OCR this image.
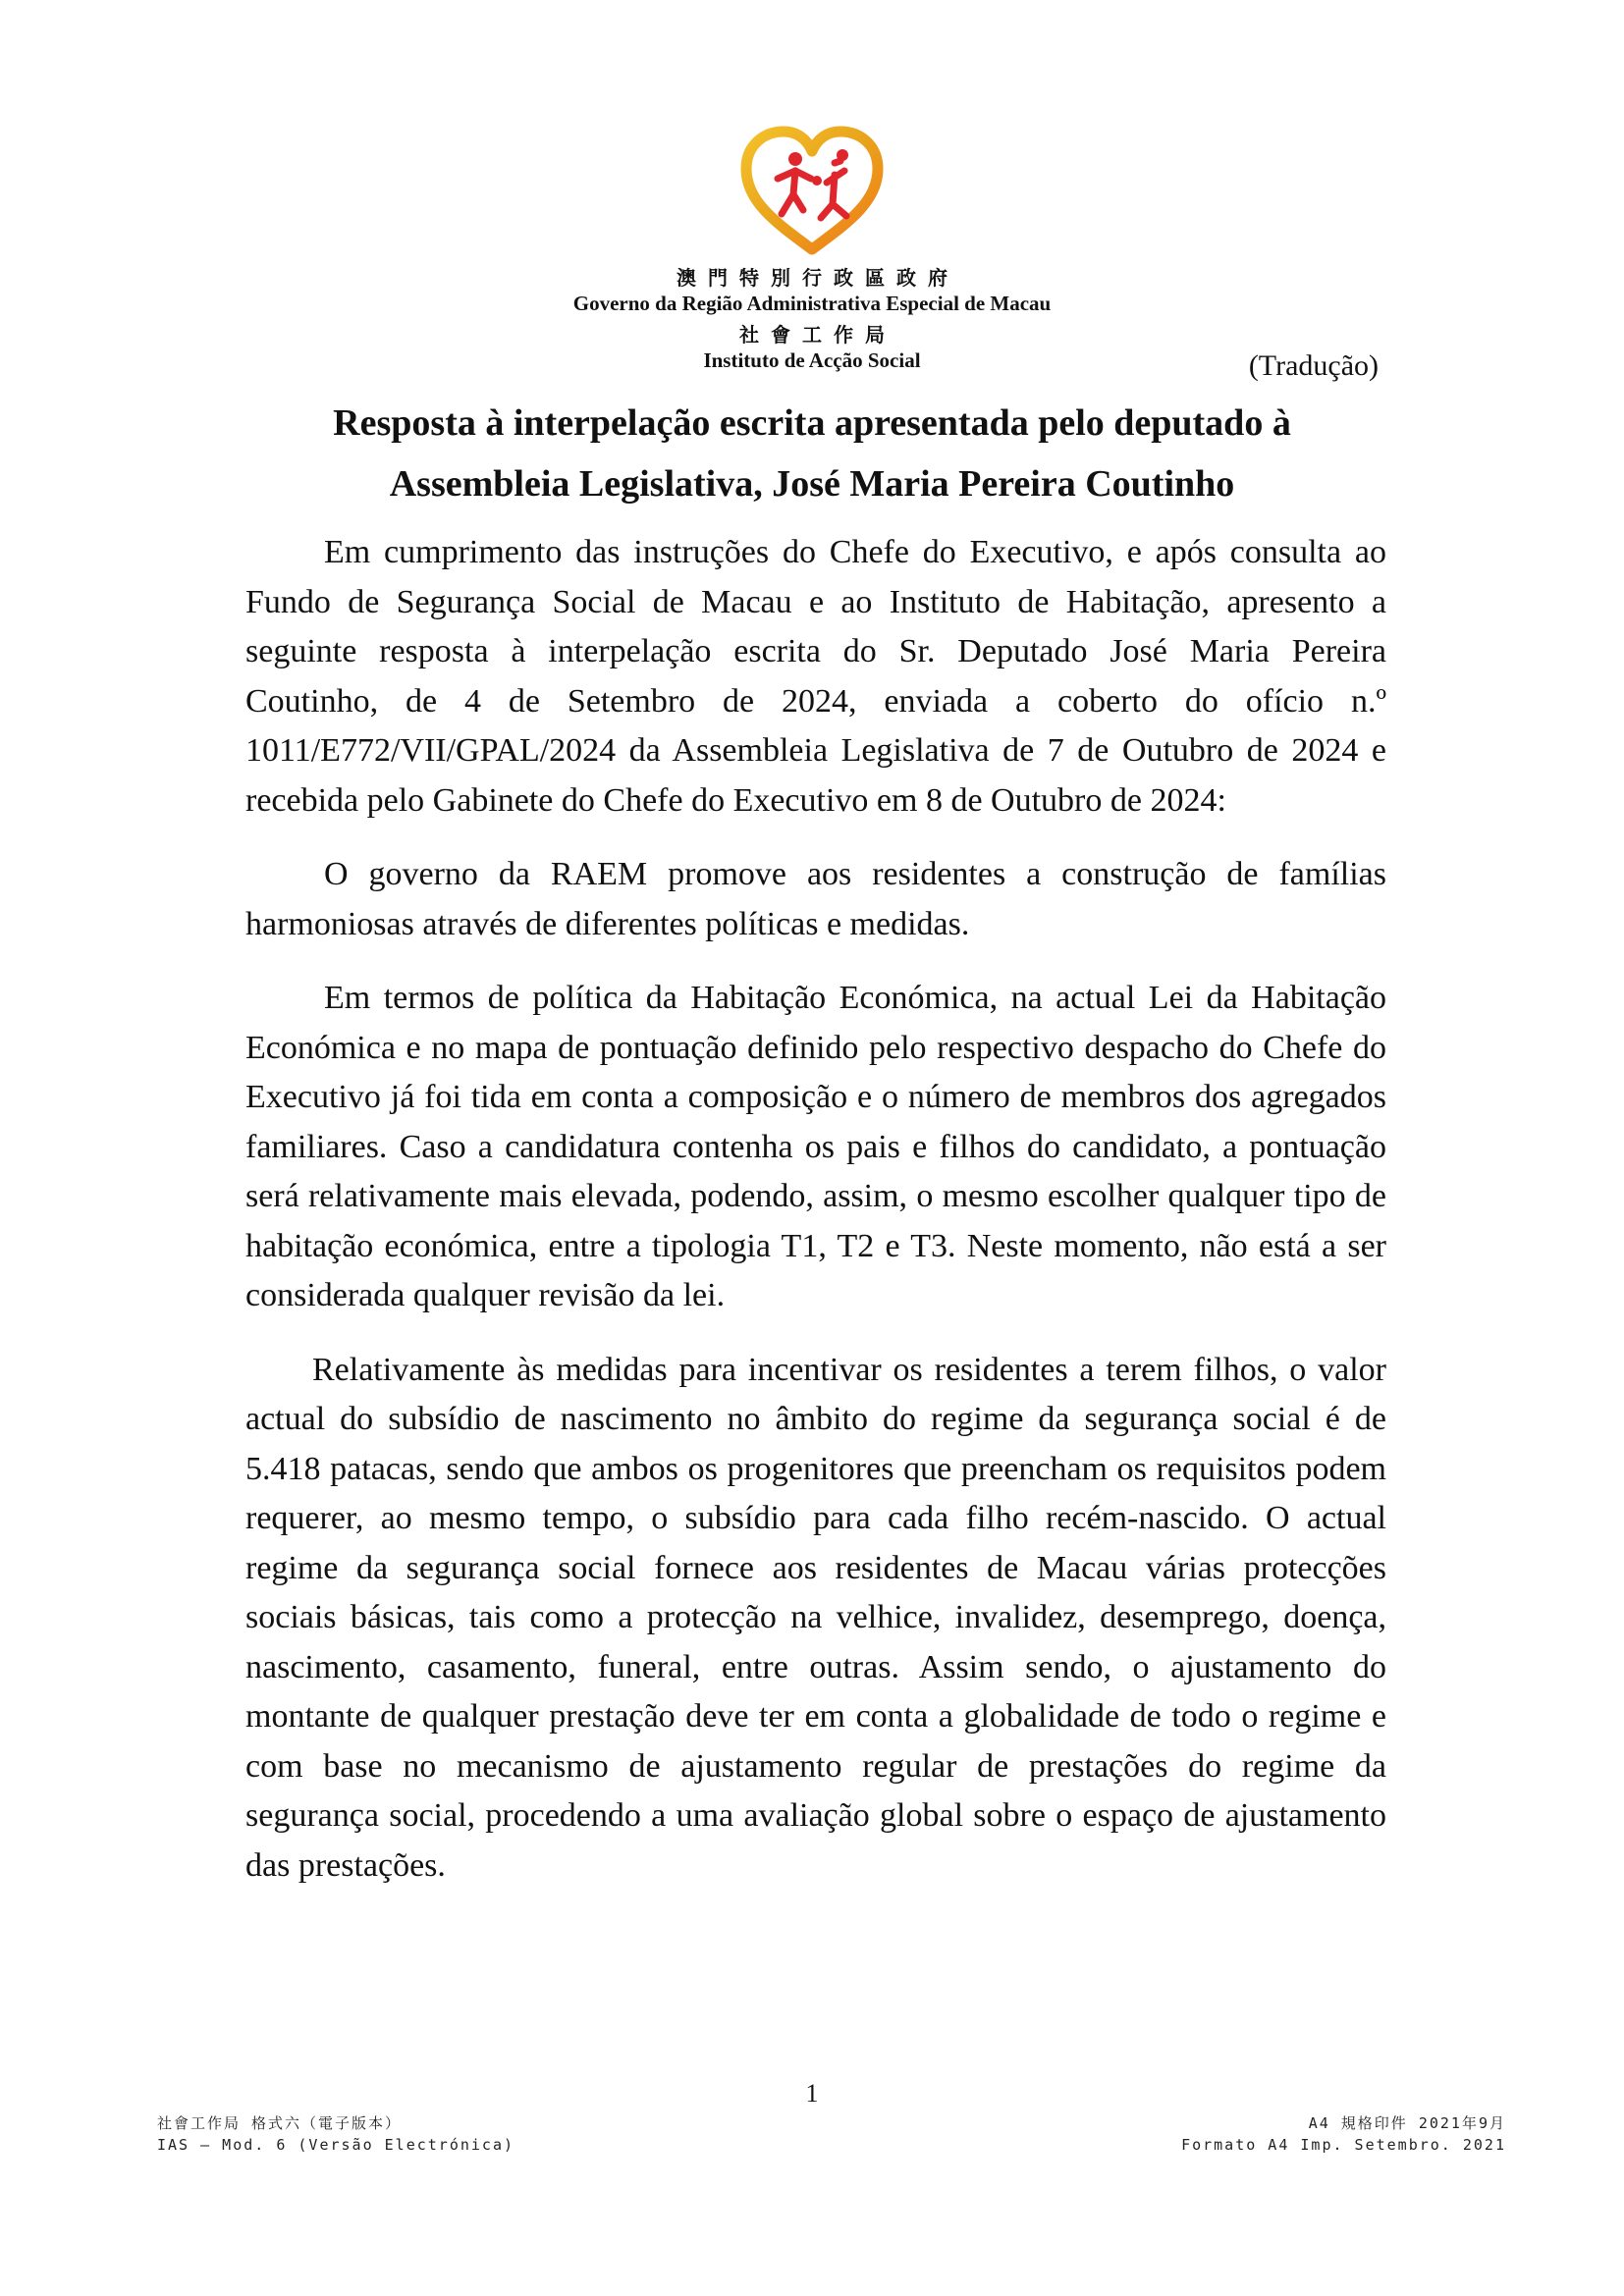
澳門特別行政區政府
Governo da Região Administrativa Especial de Macau
社會工作局
Instituto de Acção Social	(Tradução)
Resposta à interpelação escrita apresentada pelo deputado à
Assembleia Legislativa, José Maria Pereira Coutinho

Em cumprimento das instruções do Chefe do Executivo, e após consulta ao Fundo de Segurança Social de Macau e ao Instituto de Habitação, apresento a seguinte resposta à interpelação escrita do Sr. Deputado José Maria Pereira Coutinho, de 4 de Setembro de 2024, enviada a coberto do ofício n.º 1011/E772/VII/GPAL/2024 da Assembleia Legislativa de 7 de Outubro de 2024 e recebida pelo Gabinete do Chefe do Executivo em 8 de Outubro de 2024:

O governo da RAEM promove aos residentes a construção de famílias harmoniosas através de diferentes políticas e medidas.

Em termos de política da Habitação Económica, na actual Lei da Habitação Económica e no mapa de pontuação definido pelo respectivo despacho do Chefe do Executivo já foi tida em conta a composição e o número de membros dos agregados familiares. Caso a candidatura contenha os pais e filhos do candidato, a pontuação será relativamente mais elevada, podendo, assim, o mesmo escolher qualquer tipo de habitação económica, entre a tipologia T1, T2 e T3. Neste momento, não está a ser considerada qualquer revisão da lei.

Relativamente às medidas para incentivar os residentes a terem filhos, o valor actual do subsídio de nascimento no âmbito do regime da segurança social é de 5.418 patacas, sendo que ambos os progenitores que preencham os requisitos podem requerer, ao mesmo tempo, o subsídio para cada filho recém-nascido. O actual regime da segurança social fornece aos residentes de Macau várias protecções sociais básicas, tais como a protecção na velhice, invalidez, desemprego, doença, nascimento, casamento, funeral, entre outras. Assim sendo, o ajustamento do montante de qualquer prestação deve ter em conta a globalidade de todo o regime e com base no mecanismo de ajustamento regular de prestações do regime da segurança social, procedendo a uma avaliação global sobre o espaço de ajustamento das prestações.

1
社會工作局 格式六（電子版本）
IAS – Mod. 6 (Versão Electrónica)
A4 規格印件 2021年9月
Formato A4 Imp. Setembro. 2021
